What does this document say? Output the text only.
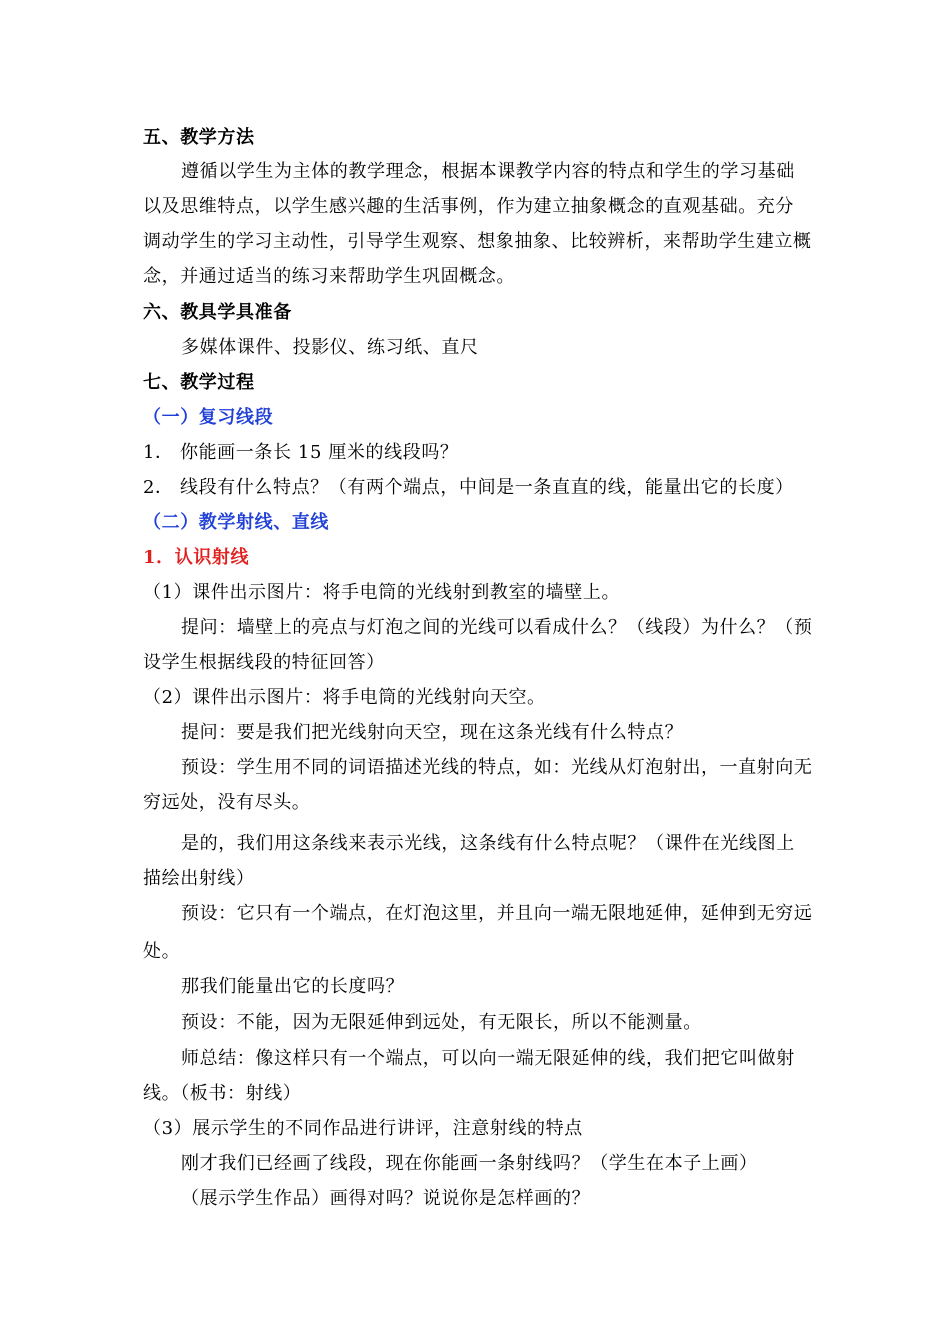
五、教学方法
遵循以学生为主体的教学理念，根据本课教学内容的特点和学生的学习基础
以及思维特点，以学生感兴趣的生活事例，作为建立抽象概念的直观基础。充分
调动学生的学习主动性，引导学生观察、想象抽象、比较辨析，来帮助学生建立概
念，并通过适当的练习来帮助学生巩固概念。
六、教具学具准备
多媒体课件、投影仪、练习纸、直尺
七、教学过程
（一）复习线段
1． 你能画一条长 15 厘米的线段吗？
2． 线段有什么特点？（有两个端点，中间是一条直直的线，能量出它的长度）
（二）教学射线、直线
1．认识射线
（1）课件出示图片：将手电筒的光线射到教室的墙壁上。
提问：墙壁上的亮点与灯泡之间的光线可以看成什么？（线段）为什么？（预
设学生根据线段的特征回答）
（2）课件出示图片：将手电筒的光线射向天空。
提问：要是我们把光线射向天空，现在这条光线有什么特点？
预设：学生用不同的词语描述光线的特点，如：光线从灯泡射出，一直射向无
穷远处，没有尽头。
是的，我们用这条线来表示光线，这条线有什么特点呢？（课件在光线图上
描绘出射线）
预设：它只有一个端点，在灯泡这里，并且向一端无限地延伸，延伸到无穷远
处。
那我们能量出它的长度吗？
预设：不能，因为无限延伸到远处，有无限长，所以不能测量。
师总结：像这样只有一个端点，可以向一端无限延伸的线，我们把它叫做射
线。（板书：射线）
（3）展示学生的不同作品进行讲评，注意射线的特点
刚才我们已经画了线段，现在你能画一条射线吗？（学生在本子上画）
（展示学生作品）画得对吗？说说你是怎样画的？
